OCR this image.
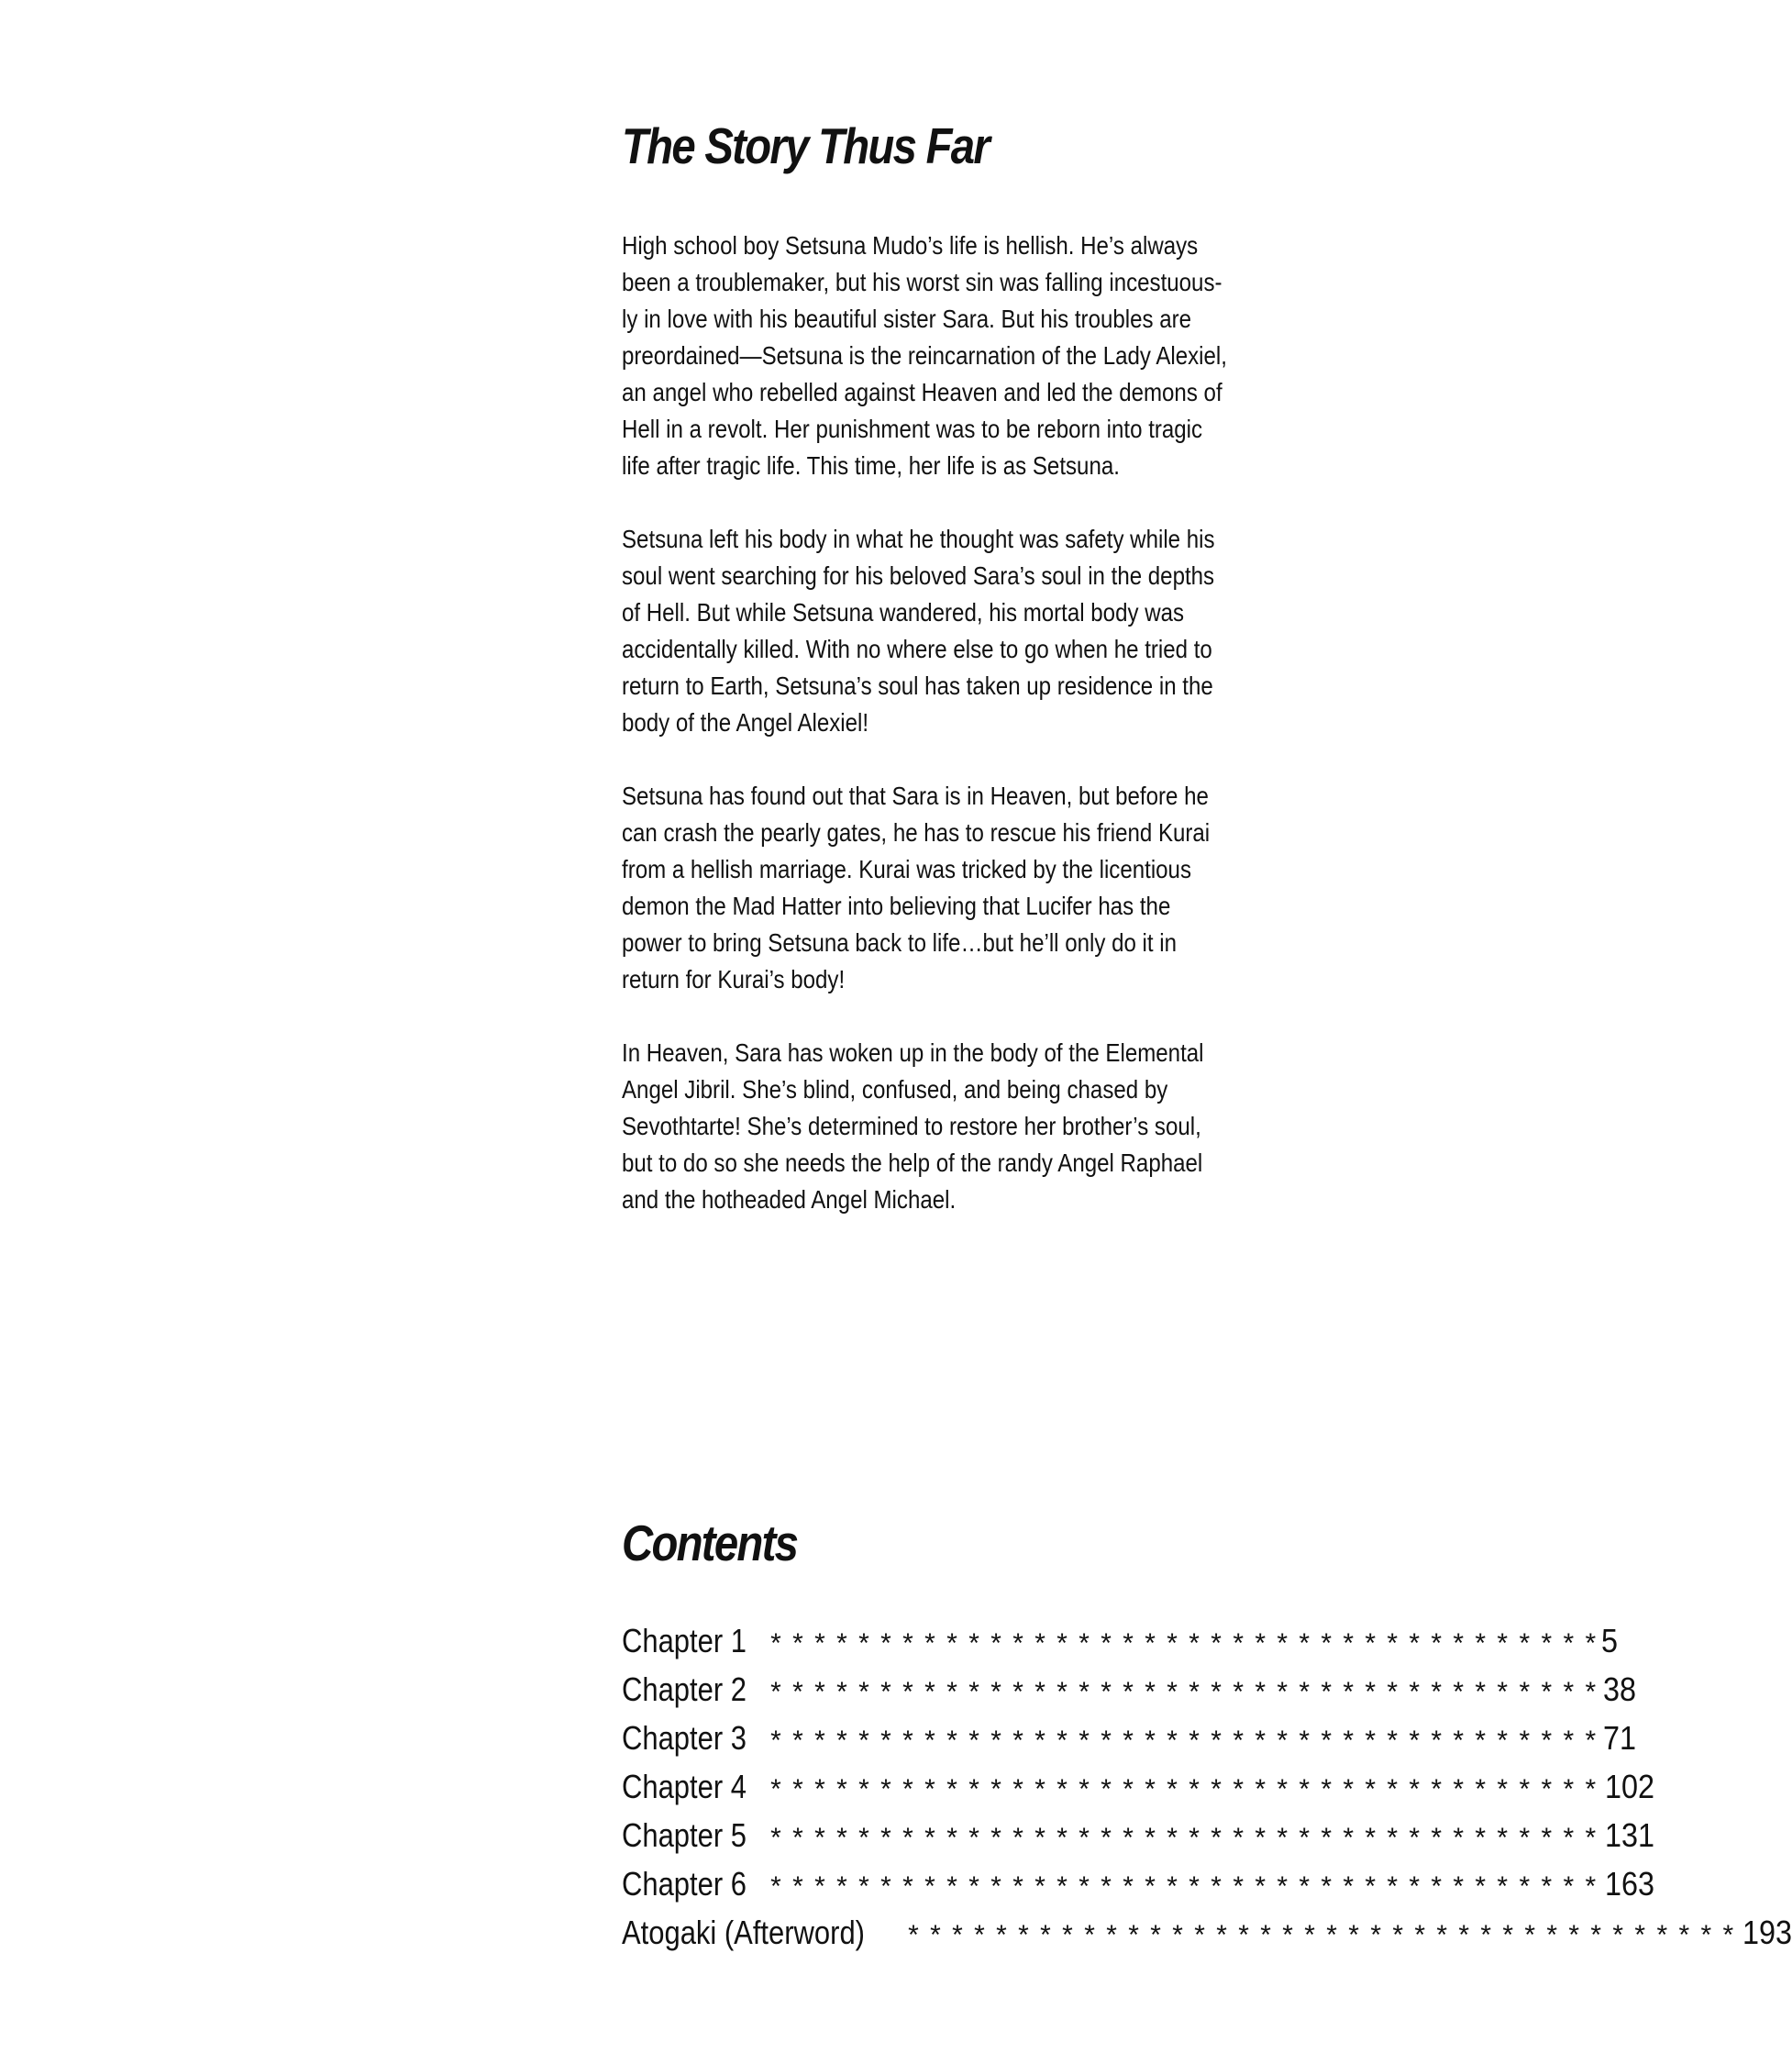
The Story Thus Far

High school boy Setsuna Mudo’s life is hellish. He’s always
been a troublemaker, but his worst sin was falling incestuous-
ly in love with his beautiful sister Sara. But his troubles are
preordained—Setsuna is the reincarnation of the Lady Alexiel,
an angel who rebelled against Heaven and led the demons of
Hell in a revolt. Her punishment was to be reborn into tragic
life after tragic life. This time, her life is as Setsuna.

Setsuna left his body in what he thought was safety while his
soul went searching for his beloved Sara’s soul in the depths
of Hell. But while Setsuna wandered, his mortal body was
accidentally killed. With no where else to go when he tried to
return to Earth, Setsuna’s soul has taken up residence in the
body of the Angel Alexiel!

Setsuna has found out that Sara is in Heaven, but before he
can crash the pearly gates, he has to rescue his friend Kurai
from a hellish marriage. Kurai was tricked by the licentious
demon the Mad Hatter into believing that Lucifer has the
power to bring Setsuna back to life…but he’ll only do it in
return for Kurai’s body!

In Heaven, Sara has woken up in the body of the Elemental
Angel Jibril. She’s blind, confused, and being chased by
Sevothtarte! She’s determined to restore her brother’s soul,
but to do so she needs the help of the randy Angel Raphael
and the hotheaded Angel Michael.

Contents
Chapter 1 * * * * * * * * * * * * * * * * * * * * * * * * * * * * * * * * * * * * * * 5
Chapter 2 * * * * * * * * * * * * * * * * * * * * * * * * * * * * * * * * * * * * * * 38
Chapter 3 * * * * * * * * * * * * * * * * * * * * * * * * * * * * * * * * * * * * * * 71
Chapter 4 * * * * * * * * * * * * * * * * * * * * * * * * * * * * * * * * * * * * * * 102
Chapter 5 * * * * * * * * * * * * * * * * * * * * * * * * * * * * * * * * * * * * * * 131
Chapter 6 * * * * * * * * * * * * * * * * * * * * * * * * * * * * * * * * * * * * * * 163
Atogaki (Afterword) * * * * * * * * * * * * * * * * * * * * * * * * * * * * * * * * * * * * * * 193
